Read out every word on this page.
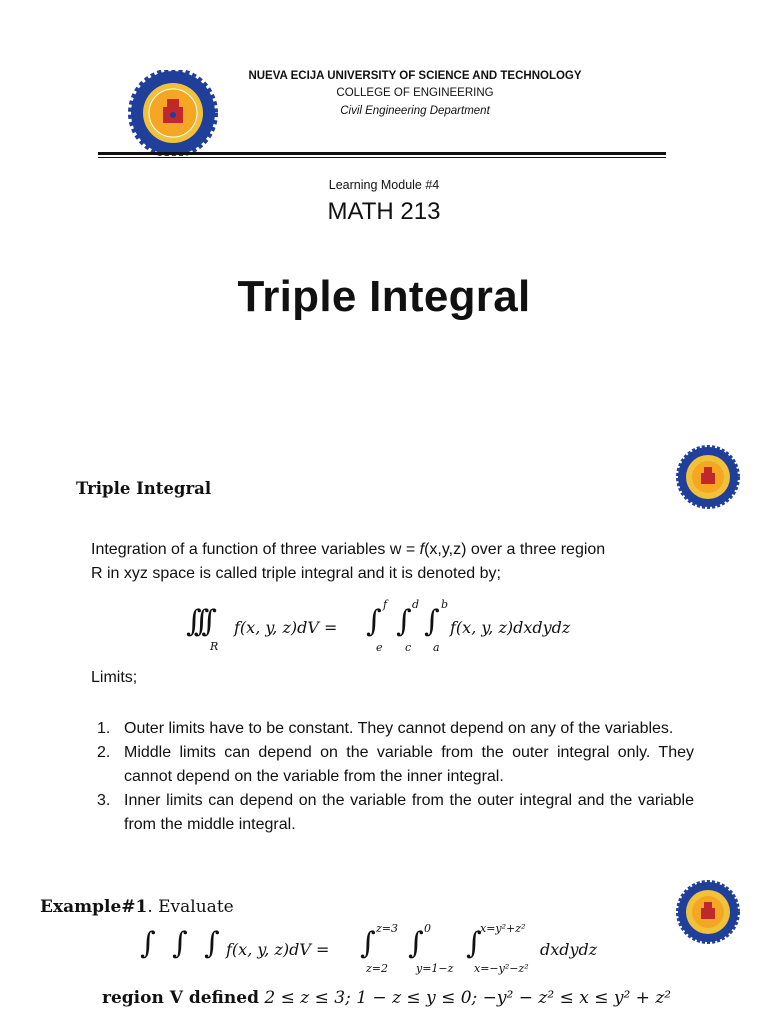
NUEVA ECIJA UNIVERSITY OF SCIENCE AND TECHNOLOGY
COLLEGE OF ENGINEERING
Civil Engineering Department
Learning Module #4
MATH 213
Triple Integral
Triple Integral
Integration of a function of three variables w = f(x,y,z) over a three region
R in xyz space is called triple integral and it is denoted by;
∫∫∫
R
f(x, y, z)dV = ∫ f
e
∫ d
c
∫ b
a
f(x, y, z)dxdydz
Limits;
1. Outer limits have to be constant. They cannot depend on any of the variables.
2. Middle limits can depend on the variable from the outer integral only. They cannot depend on the variable from the inner integral.
3. Inner limits can depend on the variable from the outer integral and the variable from the middle integral.
Example#1. Evaluate
∫ ∫ ∫ f(x, y, z)dV = ∫ z=3
z=2
∫ 0
y=1−z
∫
x=y²+z²
x=−y²−z²
dxdydz
region V defined 2 ≤ z ≤ 3; 1 − z ≤ y ≤ 0; −y² − z² ≤ x ≤ y² + z²
